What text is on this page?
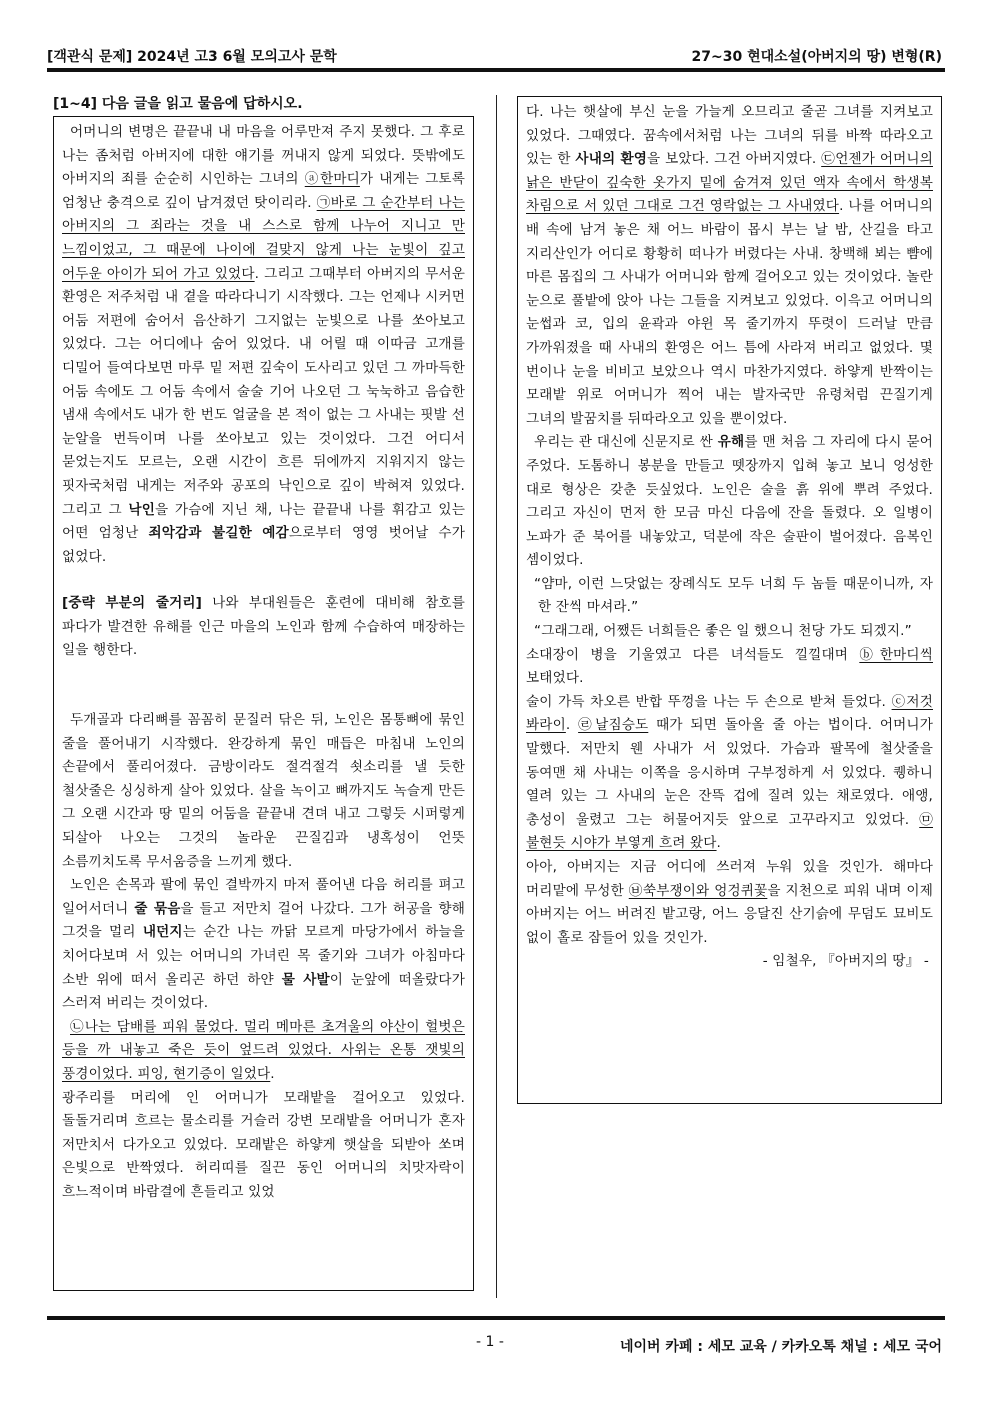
[객관식 문제] 2024년 고3 6월 모의고사 문학	27~30 현대소설(아버지의 땅) 변형(R)
[1~4] 다음 글을 읽고 물음에 답하시오.

어머니의 변명은 끝끝내 내 마음을 어루만져 주지 못했다. 그 후로 나는 좀처럼 아버지에 대한 얘기를 꺼내지 않게 되었다. 뜻밖에도 아버지의 죄를 순순히 시인하는 그녀의 ⓐ한마디가 내게는 그토록 엄청난 충격으로 깊이 남겨졌던 탓이리라. ㉠바로 그 순간부터 나는 아버지의 그 죄라는 것을 내 스스로 함께 나누어 지니고 만 느낌이었고, 그 때문에 나이에 걸맞지 않게 나는 눈빛이 깊고 어두운 아이가 되어 가고 있었다. 그리고 그때부터 아버지의 무서운 환영은 저주처럼 내 곁을 따라다니기 시작했다. 그는 언제나 시커먼 어둠 저편에 숨어서 음산하기 그지없는 눈빛으로 나를 쏘아보고 있었다. 그는 어디에나 숨어 있었다. 내 어릴 때 이따금 고개를 디밀어 들여다보면 마루 밑 저편 깊숙이 도사리고 있던 그 까마득한 어둠 속에도 그 어둠 속에서 술술 기어 나오던 그 눅눅하고 음습한 냄새 속에서도 내가 한 번도 얼굴을 본 적이 없는 그 사내는 핏발 선 눈알을 번득이며 나를 쏘아보고 있는 것이었다. 그건 어디서 묻었는지도 모르는, 오랜 시간이 흐른 뒤에까지 지워지지 않는 핏자국처럼 내게는 저주와 공포의 낙인으로 깊이 박혀져 있었다. 그리고 그 낙인을 가슴에 지닌 채, 나는 끝끝내 나를 휘감고 있는 어떤 엄청난 죄악감과 불길한 예감으로부터 영영 벗어날 수가 없었다.

[중략 부분의 줄거리] 나와 부대원들은 훈련에 대비해 참호를 파다가 발견한 유해를 인근 마을의 노인과 함께 수습하여 매장하는 일을 행한다.

두개골과 다리뼈를 꼼꼼히 문질러 닦은 뒤, 노인은 몸통뼈에 묶인 줄을 풀어내기 시작했다. 완강하게 묶인 매듭은 마침내 노인의 손끝에서 풀리어졌다. 금방이라도 절걱절걱 쇳소리를 낼 듯한 철삿줄은 싱싱하게 살아 있었다. 살을 녹이고 뼈까지도 녹슬게 만든 그 오랜 시간과 땅 밑의 어둠을 끝끝내 견뎌 내고 그렇듯 시퍼렇게 되살아 나오는 그것의 놀라운 끈질김과 냉혹성이 언뜻 소름끼치도록 무서움증을 느끼게 했다.

노인은 손목과 팔에 묶인 결박까지 마저 풀어낸 다음 허리를 펴고 일어서더니 줄 묶음을 들고 저만치 걸어 나갔다. 그가 허공을 향해 그것을 멀리 내던지는 순간 나는 까닭 모르게 마당가에서 하늘을 치어다보며 서 있는 어머니의 가녀린 목 줄기와 그녀가 아침마다 소반 위에 떠서 올리곤 하던 하얀 물 사발이 눈앞에 떠올랐다가 스러져 버리는 것이었다.

㉡나는 담배를 피워 물었다. 멀리 메마른 초겨울의 야산이 헐벗은 등을 까 내놓고 죽은 듯이 엎드려 있었다. 사위는 온통 잿빛의 풍경이었다. 피잉, 현기증이 일었다.

광주리를 머리에 인 어머니가 모래밭을 걸어오고 있었다. 돌돌거리며 흐르는 물소리를 거슬러 강변 모래밭을 어머니가 혼자 저만치서 다가오고 있었다. 모래밭은 하얗게 햇살을 되받아 쏘며 은빛으로 반짝였다. 허리띠를 질끈 동인 어머니의 치맛자락이 흐느적이며 바람결에 흔들리고 있었

다. 나는 햇살에 부신 눈을 가늘게 오므리고 줄곧 그녀를 지켜보고 있었다. 그때였다. 꿈속에서처럼 나는 그녀의 뒤를 바짝 따라오고 있는 한 사내의 환영을 보았다. 그건 아버지였다. ㉢언젠가 어머니의 낡은 반닫이 깊숙한 옷가지 밑에 숨겨져 있던 액자 속에서 학생복 차림으로 서 있던 그대로 그건 영락없는 그 사내였다. 나를 어머니의 배 속에 남겨 놓은 채 어느 바람이 몹시 부는 날 밤, 산길을 타고 지리산인가 어디로 황황히 떠나가 버렸다는 사내. 창백해 뵈는 뺨에 마른 몸집의 그 사내가 어머니와 함께 걸어오고 있는 것이었다. 놀란 눈으로 풀밭에 앉아 나는 그들을 지켜보고 있었다. 이윽고 어머니의 눈썹과 코, 입의 윤곽과 야윈 목 줄기까지 뚜렷이 드러날 만큼 가까워졌을 때 사내의 환영은 어느 틈에 사라져 버리고 없었다. 몇 번이나 눈을 비비고 보았으나 역시 마찬가지였다. 하얗게 반짝이는 모래밭 위로 어머니가 찍어 내는 발자국만 유령처럼 끈질기게 그녀의 발꿈치를 뒤따라오고 있을 뿐이었다.

우리는 관 대신에 신문지로 싼 유해를 맨 처음 그 자리에 다시 묻어 주었다. 도톰하니 봉분을 만들고 뗏장까지 입혀 놓고 보니 엉성한 대로 형상은 갖춘 듯싶었다. 노인은 술을 흙 위에 뿌려 주었다. 그리고 자신이 먼저 한 모금 마신 다음에 잔을 돌렸다. 오 일병이 노파가 준 북어를 내놓았고, 덕분에 작은 술판이 벌어졌다. 음복인 셈이었다.

“얌마, 이런 느닷없는 장례식도 모두 너희 두 놈들 때문이니까, 자 한 잔씩 마셔라.”

“그래그래, 어쨌든 너희들은 좋은 일 했으니 천당 가도 되겠지.”

소대장이 병을 기울였고 다른 녀석들도 낄낄대며 ⓑ한마디씩 보태었다.

술이 가득 차오른 반합 뚜껑을 나는 두 손으로 받쳐 들었다. ⓒ저것 봐라이. ㉣날짐승도 때가 되면 돌아올 줄 아는 법이다. 어머니가 말했다. 저만치 웬 사내가 서 있었다. 가슴과 팔목에 철삿줄을 동여맨 채 사내는 이쪽을 응시하며 구부정하게 서 있었다. 퀭하니 열려 있는 그 사내의 눈은 잔뜩 겁에 질려 있는 채로였다. 애앵, 총성이 울렸고 그는 허물어지듯 앞으로 고꾸라지고 있었다. ㉤불현듯 시야가 부옇게 흐려 왔다.

아아, 아버지는 지금 어디에 쓰러져 누워 있을 것인가. 해마다 머리맡에 무성한 ㉥쑥부쟁이와 엉겅퀴꽃을 지천으로 피워 내며 이제 아버지는 어느 버려진 밭고랑, 어느 응달진 산기슭에 무덤도 묘비도 없이 홀로 잠들어 있을 것인가.

- 임철우, 『아버지의 땅』 -
- 1 -	네이버 카페 : 세모 교육 / 카카오톡 채널 : 세모 국어
